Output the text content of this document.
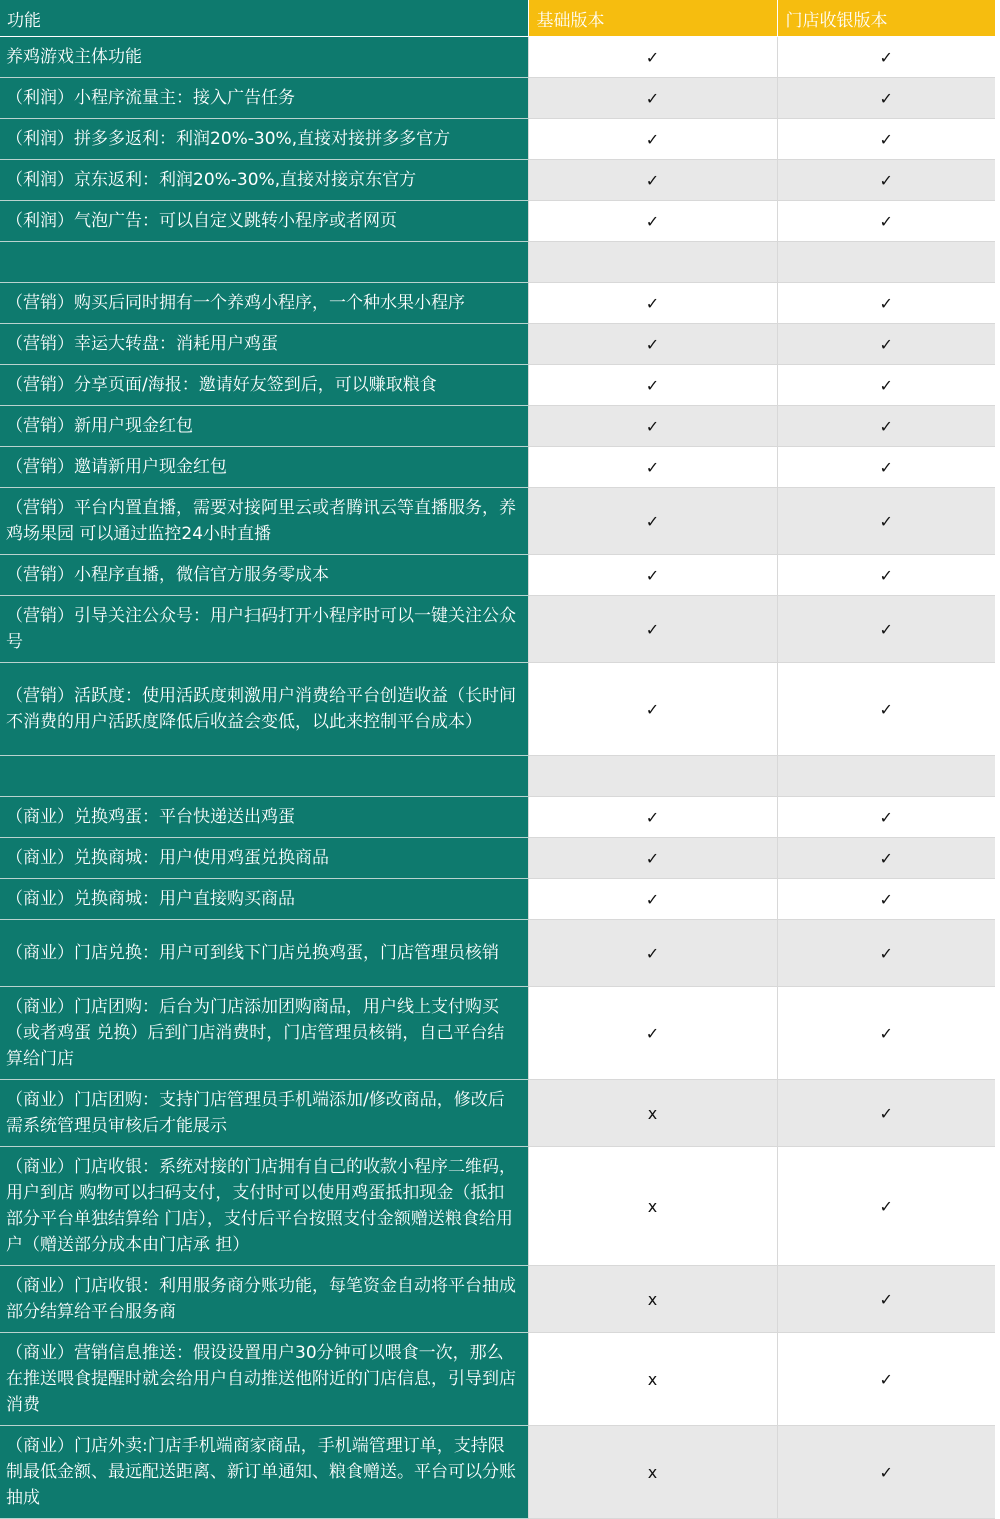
功能	基础版本	门店收银版本
养鸡游戏主体功能	✓	✓
（利润）小程序流量主：接入广告任务	✓	✓
（利润）拼多多返利：利润20%-30%,直接对接拼多多官方	✓	✓
（利润）京东返利：利润20%-30%,直接对接京东官方	✓	✓
（利润）气泡广告：可以自定义跳转小程序或者网页	✓	✓

（营销）购买后同时拥有一个养鸡小程序，一个种水果小程序	✓	✓
（营销）幸运大转盘：消耗用户鸡蛋	✓	✓
（营销）分享页面/海报：邀请好友签到后，可以赚取粮食	✓	✓
（营销）新用户现金红包	✓	✓
（营销）邀请新用户现金红包	✓	✓
（营销）平台内置直播，需要对接阿里云或者腾讯云等直播服务，养鸡场果园 可以通过监控24小时直播	✓	✓
（营销）小程序直播，微信官方服务零成本	✓	✓
（营销）引导关注公众号：用户扫码打开小程序时可以一键关注公众号	✓	✓
（营销）活跃度：使用活跃度刺激用户消费给平台创造收益（长时间不消费的用户活跃度降低后收益会变低，以此来控制平台成本）	✓	✓

（商业）兑换鸡蛋：平台快递送出鸡蛋	✓	✓
（商业）兑换商城：用户使用鸡蛋兑换商品	✓	✓
（商业）兑换商城：用户直接购买商品	✓	✓
（商业）门店兑换：用户可到线下门店兑换鸡蛋，门店管理员核销	✓	✓
（商业）门店团购：后台为门店添加团购商品，用户线上支付购买（或者鸡蛋 兑换）后到门店消费时，门店管理员核销，自己平台结算给门店	✓	✓
（商业）门店团购：支持门店管理员手机端添加/修改商品，修改后需系统管理员审核后才能展示	x	✓
（商业）门店收银：系统对接的门店拥有自己的收款小程序二维码，用户到店 购物可以扫码支付，支付时可以使用鸡蛋抵扣现金（抵扣部分平台单独结算给 门店），支付后平台按照支付金额赠送粮食给用户（赠送部分成本由门店承 担）	x	✓
（商业）门店收银：利用服务商分账功能，每笔资金自动将平台抽成部分结算给平台服务商	x	✓
（商业）营销信息推送：假设设置用户30分钟可以喂食一次，那么在推送喂食提醒时就会给用户自动推送他附近的门店信息，引导到店消费	x	✓
（商业）门店外卖:门店手机端商家商品，手机端管理订单，支持限制最低金额、最远配送距离、新订单通知、粮食赠送。平台可以分账抽成	x	✓
